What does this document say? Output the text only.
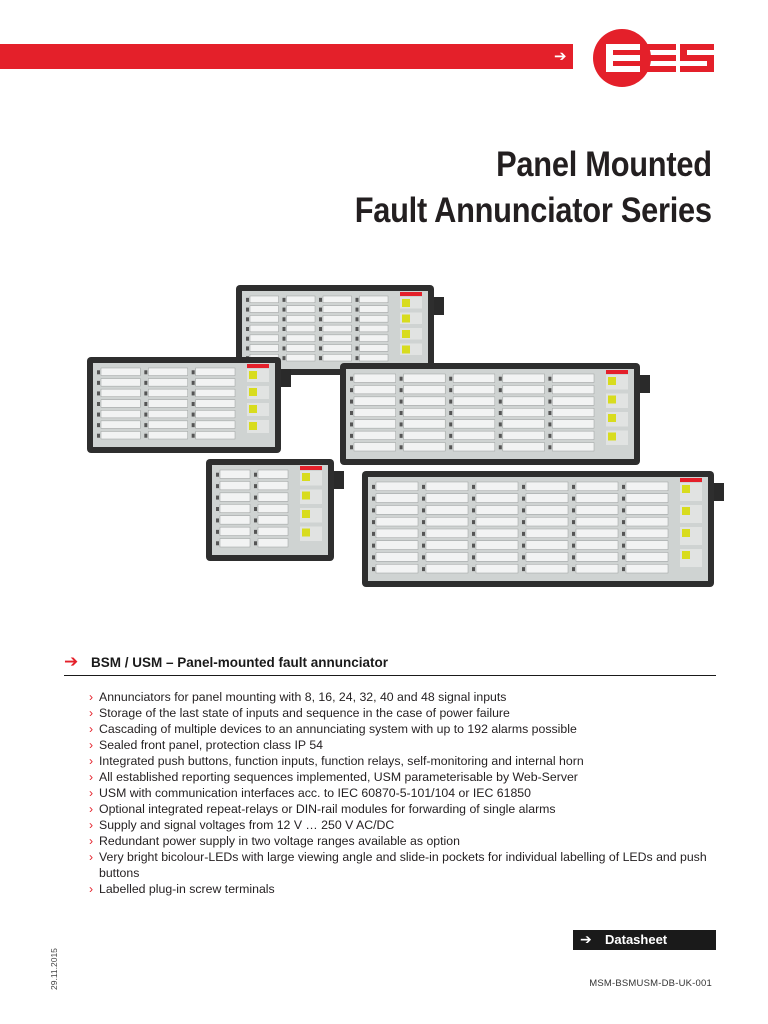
➔
Panel Mounted
Fault Annunciator Series
➔ BSM / USM – Panel-mounted fault annunciator
› Annunciators for panel mounting with 8, 16, 24, 32, 40 and 48 signal inputs
› Storage of the last state of inputs and sequence in the case of power failure
› Cascading of multiple devices to an annunciating system with up to 192 alarms possible
› Sealed front panel, protection class IP 54
› Integrated push buttons, function inputs, function relays, self-monitoring and internal horn
› All established reporting sequences implemented, USM parameterisable by Web-Server
› USM with communication interfaces acc. to IEC 60870-5-101/104 or IEC 61850
› Optional integrated repeat-relays or DIN-rail modules for forwarding of single alarms
› Supply and signal voltages from 12 V … 250 V AC/DC
› Redundant power supply in two voltage ranges available as option
› Very bright bicolour-LEDs with large viewing angle and slide-in pockets for individual labelling of LEDs and push buttons
› Labelled plug-in screw terminals
➔ Datasheet
29.11.2015	MSM-BSMUSM-DB-UK-001
